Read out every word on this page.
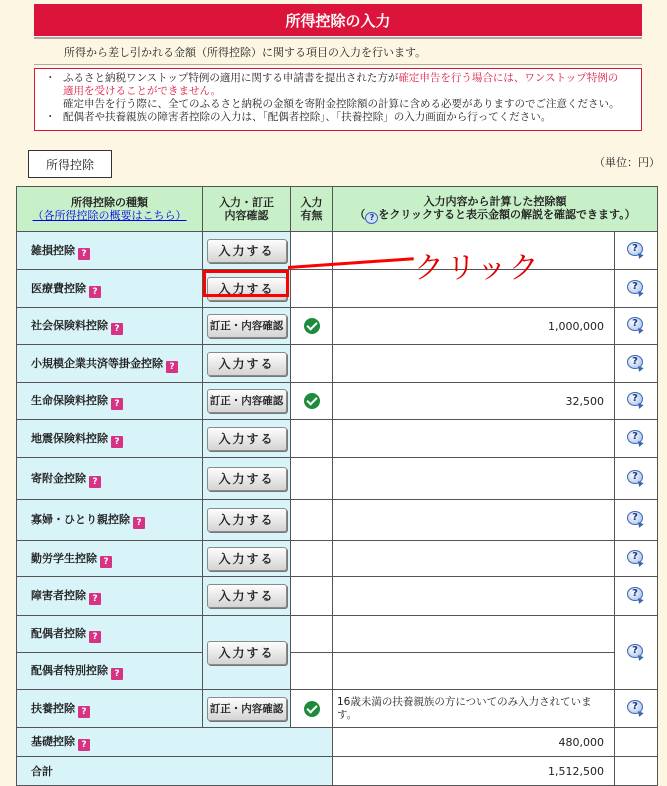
所得控除の入力
所得から差し引かれる金額（所得控除）に関する項目の入力を行います。
・ ふるさと納税ワンストップ特例の適用に関する申請書を提出された方が確定申告を行う場合には、ワンストップ特例の
適用を受けることができません。
確定申告を行う際に、全てのふるさと納税の金額を寄附金控除額の計算に含める必要がありますのでご注意ください。
・ 配偶者や扶養親族の障害者控除の入力は、「配偶者控除」、「扶養控除」の入力画面から行ってください。
所得控除	（単位：円）
所得控除の種類
（各所得控除の概要はこちら）	入力・訂正
内容確認	入力
有無	入力内容から計算した控除額
（ ? をクリックすると表示金額の解説を確認できます。）	
雑損控除 ?	入力する			?

医療費控除 ?	入力する			?

社会保険料控除 ?	訂正・内容確認		1,000,000	?

小規模企業共済等掛金控除 ?	入力する			?

生命保険料控除 ?	訂正・内容確認		32,500	?

地震保険料控除 ?	入力する			?

寄附金控除 ?	入力する			?

寡婦・ひとり親控除 ?	入力する			?

勤労学生控除 ?	入力する			?

障害者控除 ?	入力する			?

配偶者控除 ?	入力する			?

配偶者特別控除 ?				
扶養控除 ?	訂正・内容確認		16歳未満の扶養親族の方についてのみ入力されています。	?

基礎控除 ?			480,000	
合計			1,512,500	
クリック
